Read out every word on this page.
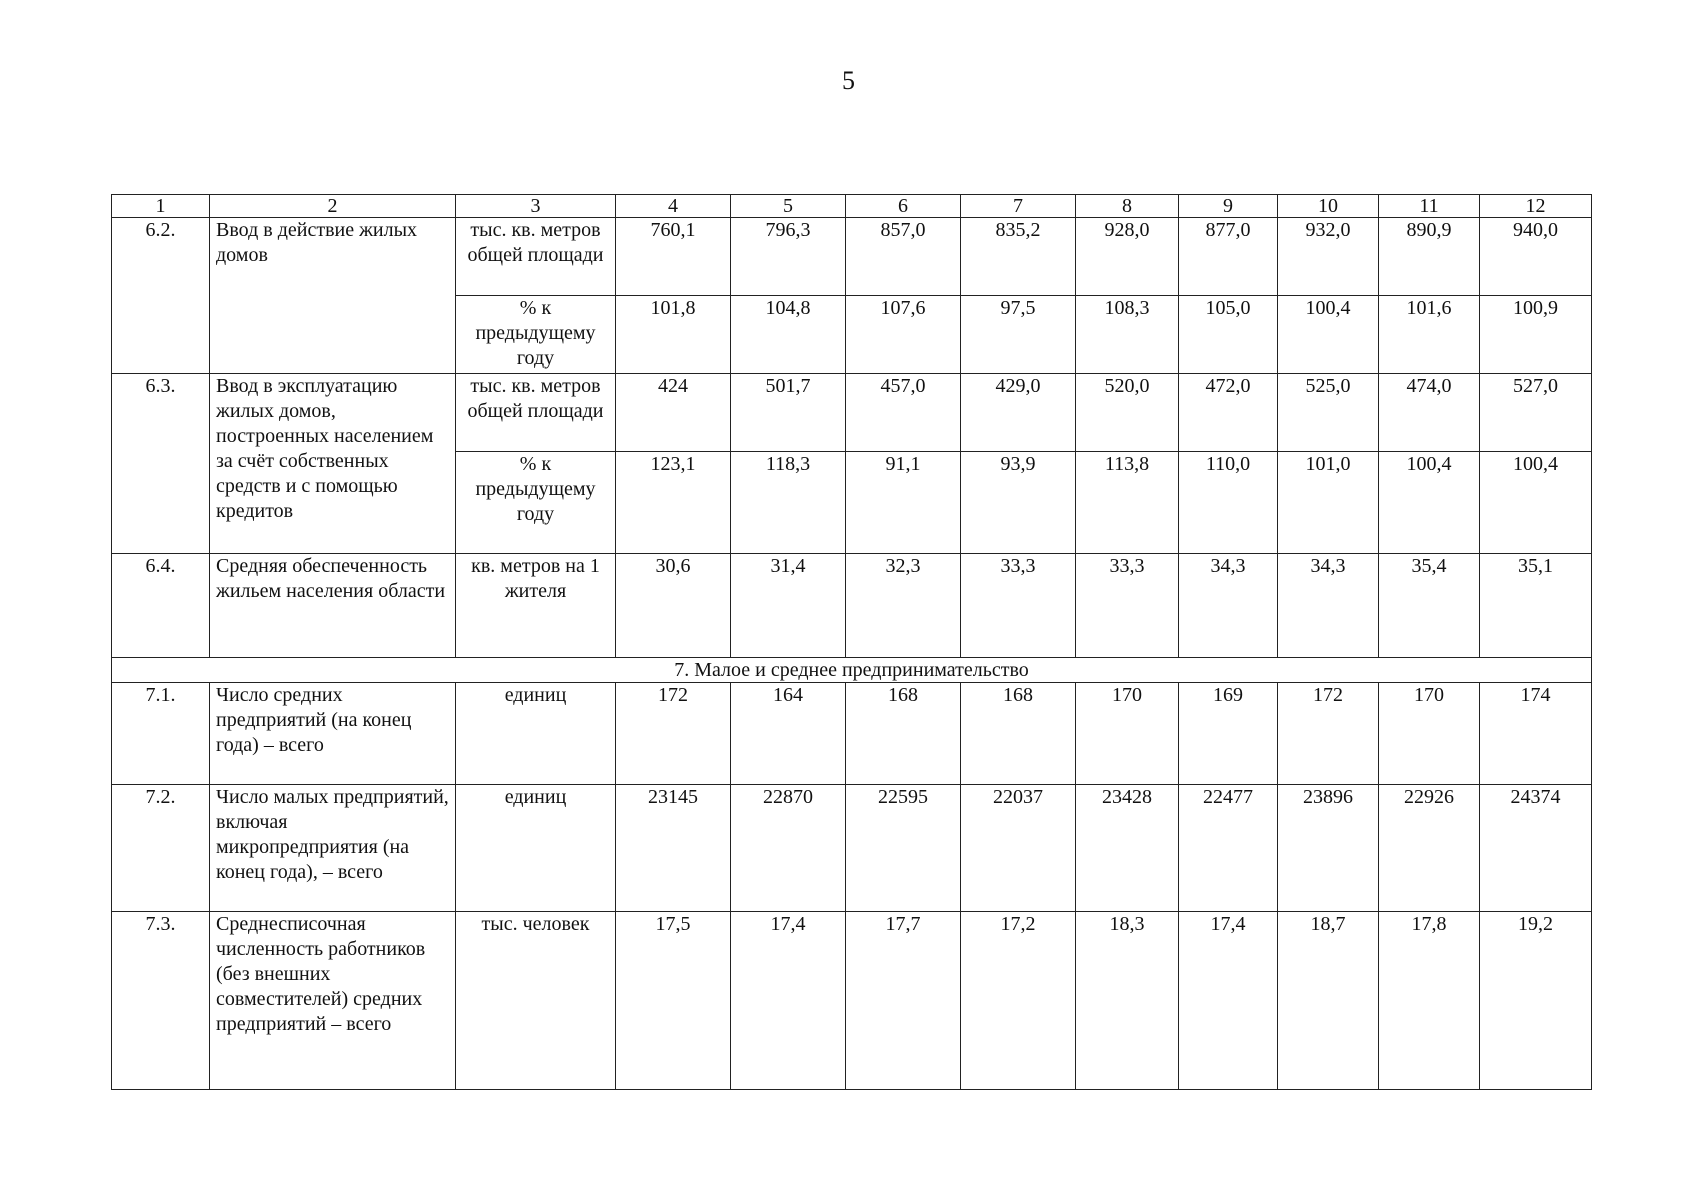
5
1	2	3	4	5	6	7	8	9	10	11	12
6.2.	Ввод в действие жилых домов	тыс. кв. метров общей площади	760,1	796,3	857,0	835,2	928,0	877,0	932,0	890,9	940,0
		% к предыдущему году	101,8	104,8	107,6	97,5	108,3	105,0	100,4	101,6	100,9
6.3.	Ввод в эксплуатацию жилых домов, построенных населением за счёт собственных средств и с помощью кредитов	тыс. кв. метров общей площади	424	501,7	457,0	429,0	520,0	472,0	525,0	474,0	527,0
		% к предыдущему году	123,1	118,3	91,1	93,9	113,8	110,0	101,0	100,4	100,4
6.4.	Средняя обеспеченность жильем населения области	кв. метров на 1 жителя	30,6	31,4	32,3	33,3	33,3	34,3	34,3	35,4	35,1
7. Малое и среднее предпринимательство											
7.1.	Число средних предприятий (на конец года) – всего	единиц	172	164	168	168	170	169	172	170	174
7.2.	Число малых предприятий, включая микропредприятия (на конец года), – всего	единиц	23145	22870	22595	22037	23428	22477	23896	22926	24374
7.3.	Среднесписочная численность работников (без внешних совместителей) средних предприятий – всего	тыс. человек	17,5	17,4	17,7	17,2	18,3	17,4	18,7	17,8	19,2
